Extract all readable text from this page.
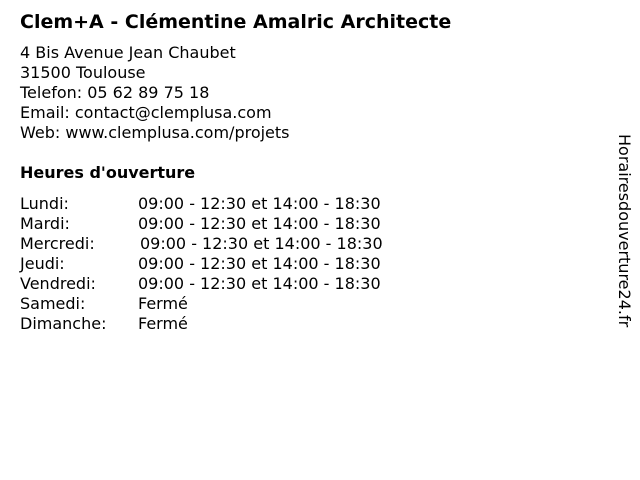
Clem+A - Clémentine Amalric Architecte
4 Bis Avenue Jean Chaubet
31500 Toulouse
Telefon: 05 62 89 75 18
Email: contact@clemplusa.com
Web: www.clemplusa.com/projets
Heures d'ouverture
Lundi:	09:00 - 12:30 et 14:00 - 18:30
Mardi:	09:00 - 12:30 et 14:00 - 18:30
Mercredi:	09:00 - 12:30 et 14:00 - 18:30
Jeudi:	09:00 - 12:30 et 14:00 - 18:30
Vendredi:	09:00 - 12:30 et 14:00 - 18:30
Samedi:	Fermé
Dimanche: Fermé	Horairesdouverture24.fr
